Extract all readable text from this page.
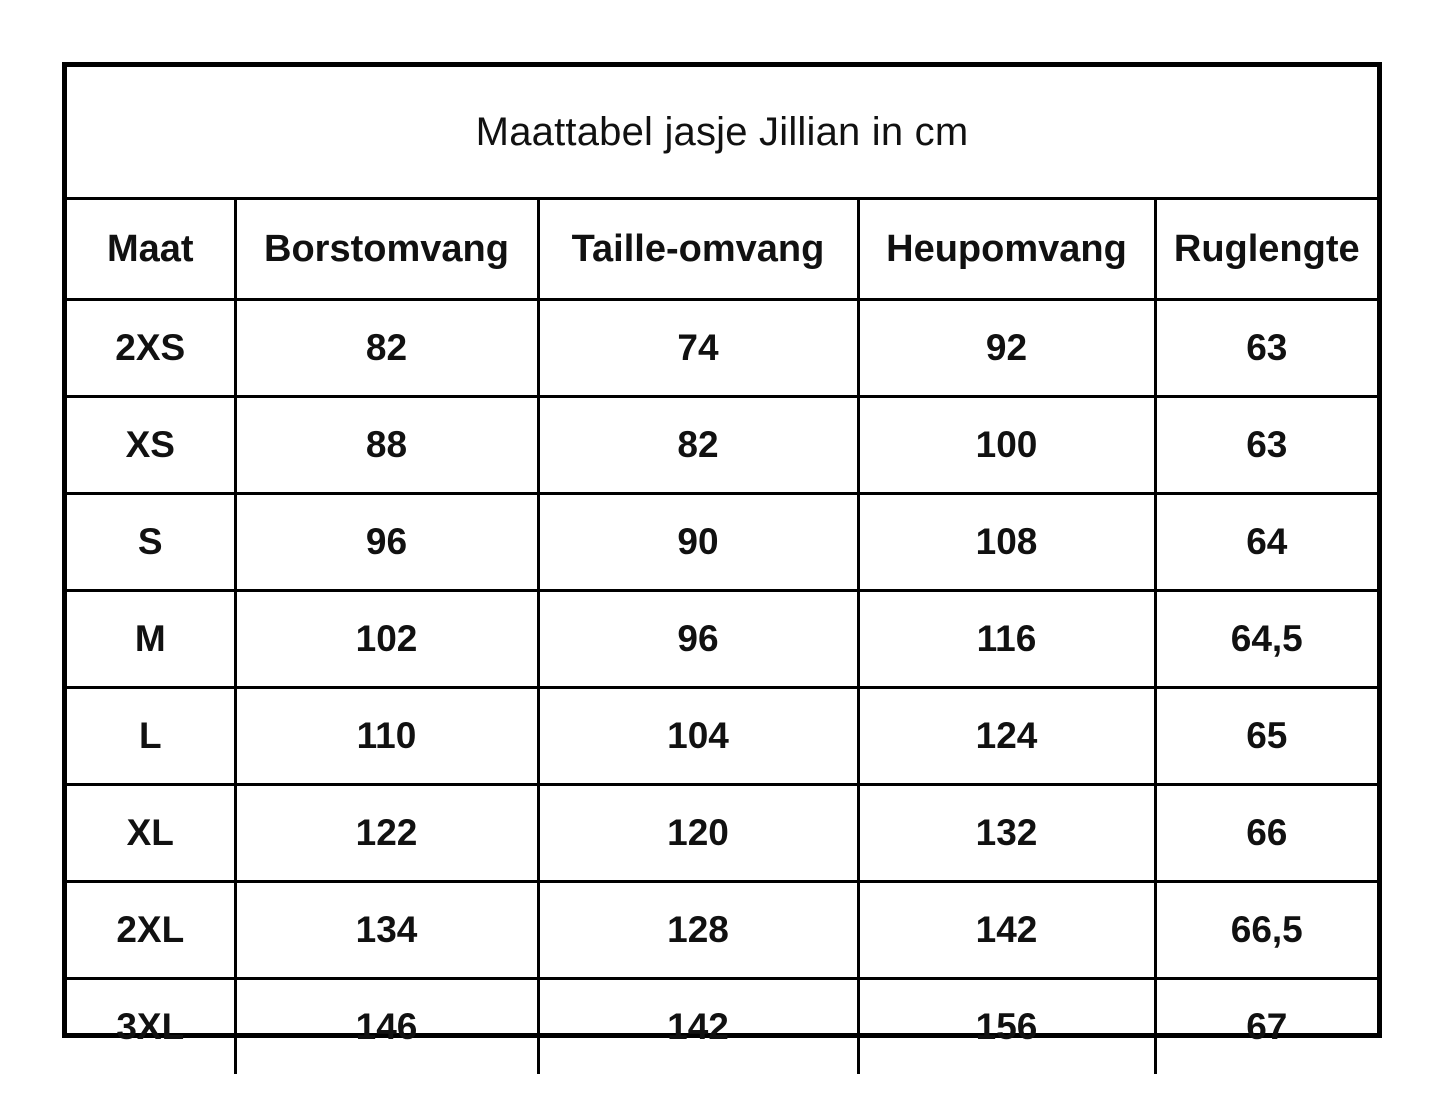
Maattabel jasje Jillian in cm				
Maat	Borstomvang	Taille-omvang	Heupomvang	Ruglengte
2XS	82	74	92	63
XS	88	82	100	63
S	96	90	108	64
M	102	96	116	64,5
L	110	104	124	65
XL	122	120	132	66
2XL	134	128	142	66,5
3XL	146	142	156	67
